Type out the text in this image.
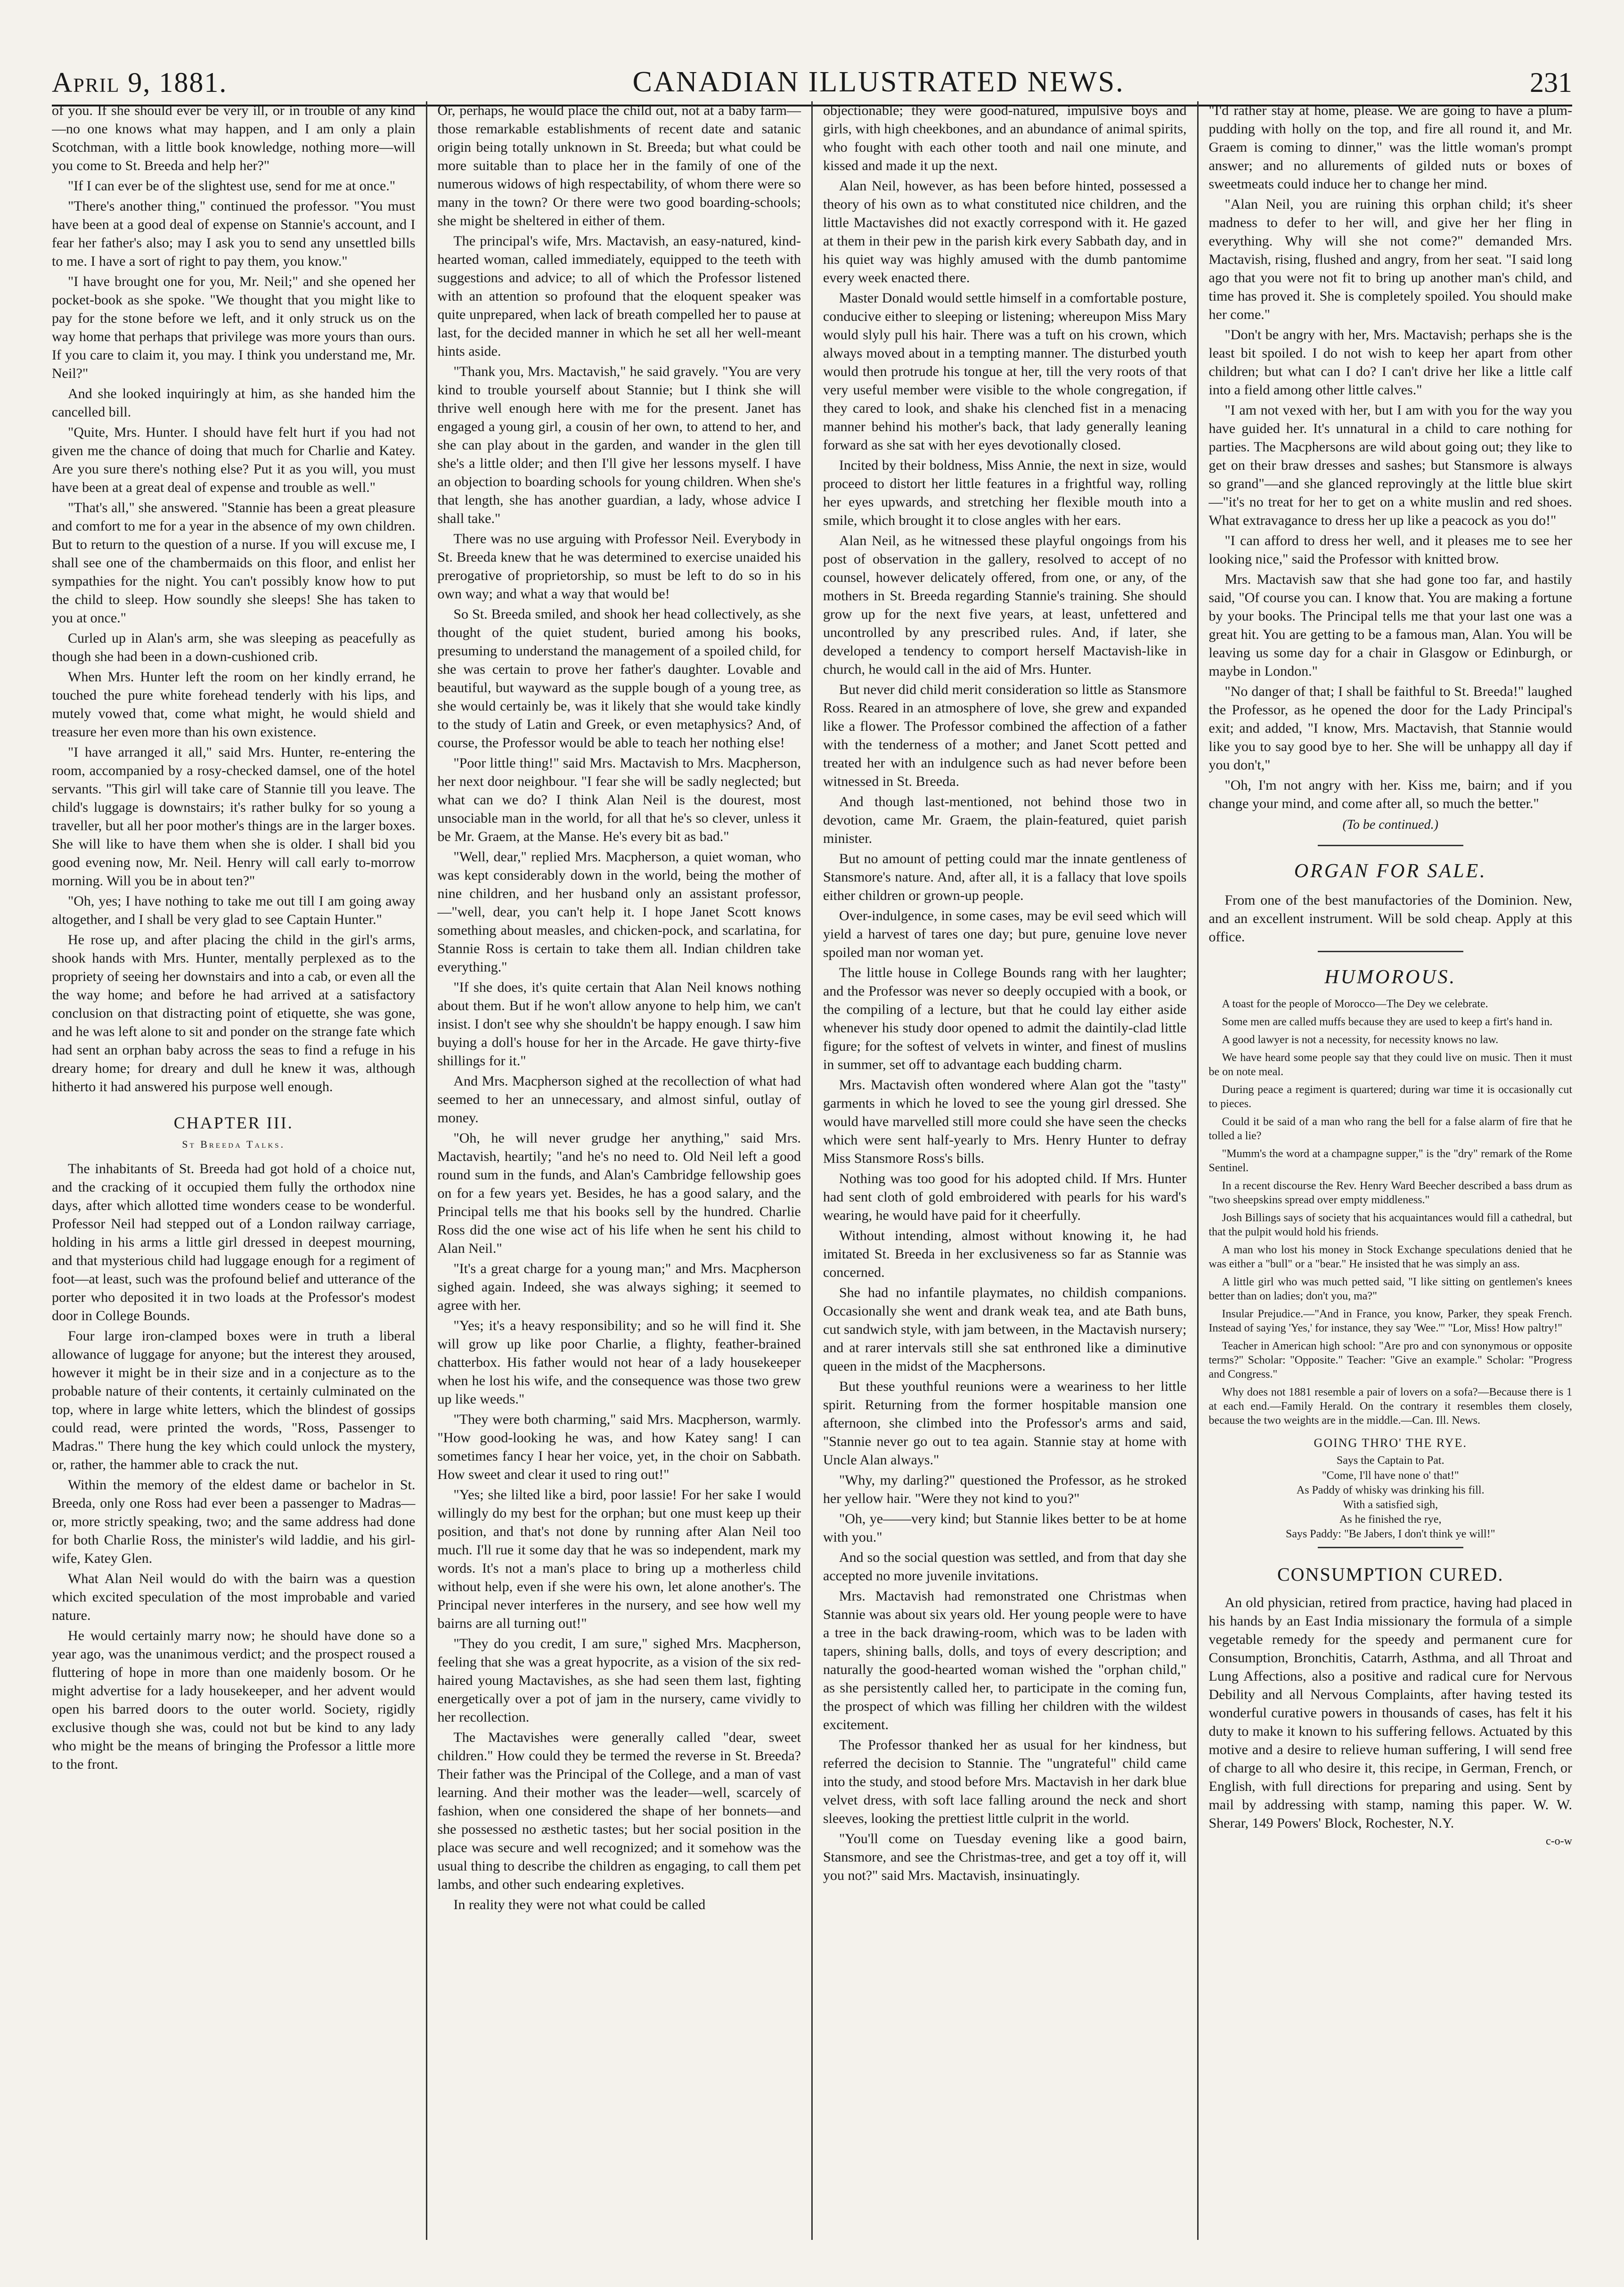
April 9, 1881.	CANADIAN ILLUSTRATED NEWS.	231

of you. If she should ever be very ill, or in trouble of any kind—no one knows what may happen, and I am only a plain Scotchman, with a little book knowledge, nothing more—will you come to St. Breeda and help her?"

"If I can ever be of the slightest use, send for me at once."

"There's another thing," continued the professor. "You must have been at a good deal of expense on Stannie's account, and I fear her father's also; may I ask you to send any unsettled bills to me. I have a sort of right to pay them, you know."

"I have brought one for you, Mr. Neil;" and she opened her pocket-book as she spoke. "We thought that you might like to pay for the stone before we left, and it only struck us on the way home that perhaps that privilege was more yours than ours. If you care to claim it, you may. I think you understand me, Mr. Neil?"

And she looked inquiringly at him, as she handed him the cancelled bill.

"Quite, Mrs. Hunter. I should have felt hurt if you had not given me the chance of doing that much for Charlie and Katey. Are you sure there's nothing else? Put it as you will, you must have been at a great deal of expense and trouble as well."

"That's all," she answered. "Stannie has been a great pleasure and comfort to me for a year in the absence of my own children. But to return to the question of a nurse. If you will excuse me, I shall see one of the chambermaids on this floor, and enlist her sympathies for the night. You can't possibly know how to put the child to sleep. How soundly she sleeps! She has taken to you at once."

Curled up in Alan's arm, she was sleeping as peacefully as though she had been in a down-cushioned crib.

When Mrs. Hunter left the room on her kindly errand, he touched the pure white forehead tenderly with his lips, and mutely vowed that, come what might, he would shield and treasure her even more than his own existence.

"I have arranged it all," said Mrs. Hunter, re-entering the room, accompanied by a rosy-checked damsel, one of the hotel servants. "This girl will take care of Stannie till you leave. The child's luggage is downstairs; it's rather bulky for so young a traveller, but all her poor mother's things are in the larger boxes. She will like to have them when she is older. I shall bid you good evening now, Mr. Neil. Henry will call early to-morrow morning. Will you be in about ten?"

"Oh, yes; I have nothing to take me out till I am going away altogether, and I shall be very glad to see Captain Hunter."

He rose up, and after placing the child in the girl's arms, shook hands with Mrs. Hunter, mentally perplexed as to the propriety of seeing her downstairs and into a cab, or even all the the way home; and before he had arrived at a satisfactory conclusion on that distracting point of etiquette, she was gone, and he was left alone to sit and ponder on the strange fate which had sent an orphan baby across the seas to find a refuge in his dreary home; for dreary and dull he knew it was, although hitherto it had answered his purpose well enough.

CHAPTER III.
St Breeda Talks.

The inhabitants of St. Breeda had got hold of a choice nut, and the cracking of it occupied them fully the orthodox nine days, after which allotted time wonders cease to be wonderful. Professor Neil had stepped out of a London railway carriage, holding in his arms a little girl dressed in deepest mourning, and that mysterious child had luggage enough for a regiment of foot—at least, such was the profound belief and utterance of the porter who deposited it in two loads at the Professor's modest door in College Bounds.

Four large iron-clamped boxes were in truth a liberal allowance of luggage for anyone; but the interest they aroused, however it might be in their size and in a conjecture as to the probable nature of their contents, it certainly culminated on the top, where in large white letters, which the blindest of gossips could read, were printed the words, "Ross, Passenger to Madras." There hung the key which could unlock the mystery, or, rather, the hammer able to crack the nut.

Within the memory of the eldest dame or bachelor in St. Breeda, only one Ross had ever been a passenger to Madras—or, more strictly speaking, two; and the same address had done for both Charlie Ross, the minister's wild laddie, and his girl-wife, Katey Glen.

What Alan Neil would do with the bairn was a question which excited speculation of the most improbable and varied nature.

He would certainly marry now; he should have done so a year ago, was the unanimous verdict; and the prospect roused a fluttering of hope in more than one maidenly bosom. Or he might advertise for a lady housekeeper, and her advent would open his barred doors to the outer world. Society, rigidly exclusive though she was, could not but be kind to any lady who might be the means of bringing the Professor a little more to the front.

Or, perhaps, he would place the child out, not at a baby farm—those remarkable establishments of recent date and satanic origin being totally unknown in St. Breeda; but what could be more suitable than to place her in the family of one of the numerous widows of high respectability, of whom there were so many in the town? Or there were two good boarding-schools; she might be sheltered in either of them.

The principal's wife, Mrs. Mactavish, an easy-natured, kind-hearted woman, called immediately, equipped to the teeth with suggestions and advice; to all of which the Professor listened with an attention so profound that the eloquent speaker was quite unprepared, when lack of breath compelled her to pause at last, for the decided manner in which he set all her well-meant hints aside.

"Thank you, Mrs. Mactavish," he said gravely. "You are very kind to trouble yourself about Stannie; but I think she will thrive well enough here with me for the present. Janet has engaged a young girl, a cousin of her own, to attend to her, and she can play about in the garden, and wander in the glen till she's a little older; and then I'll give her lessons myself. I have an objection to boarding schools for young children. When she's that length, she has another guardian, a lady, whose advice I shall take."

There was no use arguing with Professor Neil. Everybody in St. Breeda knew that he was determined to exercise unaided his prerogative of proprietorship, so must be left to do so in his own way; and what a way that would be!

So St. Breeda smiled, and shook her head collectively, as she thought of the quiet student, buried among his books, presuming to understand the management of a spoiled child, for she was certain to prove her father's daughter. Lovable and beautiful, but wayward as the supple bough of a young tree, as she would certainly be, was it likely that she would take kindly to the study of Latin and Greek, or even metaphysics? And, of course, the Professor would be able to teach her nothing else!

"Poor little thing!" said Mrs. Mactavish to Mrs. Macpherson, her next door neighbour. "I fear she will be sadly neglected; but what can we do? I think Alan Neil is the dourest, most unsociable man in the world, for all that he's so clever, unless it be Mr. Graem, at the Manse. He's every bit as bad."

"Well, dear," replied Mrs. Macpherson, a quiet woman, who was kept considerably down in the world, being the mother of nine children, and her husband only an assistant professor,—"well, dear, you can't help it. I hope Janet Scott knows something about measles, and chicken-pock, and scarlatina, for Stannie Ross is certain to take them all. Indian children take everything."

"If she does, it's quite certain that Alan Neil knows nothing about them. But if he won't allow anyone to help him, we can't insist. I don't see why she shouldn't be happy enough. I saw him buying a doll's house for her in the Arcade. He gave thirty-five shillings for it."

And Mrs. Macpherson sighed at the recollection of what had seemed to her an unnecessary, and almost sinful, outlay of money.

"Oh, he will never grudge her anything," said Mrs. Mactavish, heartily; "and he's no need to. Old Neil left a good round sum in the funds, and Alan's Cambridge fellowship goes on for a few years yet. Besides, he has a good salary, and the Principal tells me that his books sell by the hundred. Charlie Ross did the one wise act of his life when he sent his child to Alan Neil."

"It's a great charge for a young man;" and Mrs. Macpherson sighed again. Indeed, she was always sighing; it seemed to agree with her.

"Yes; it's a heavy responsibility; and so he will find it. She will grow up like poor Charlie, a flighty, feather-brained chatterbox. His father would not hear of a lady housekeeper when he lost his wife, and the consequence was those two grew up like weeds."

"They were both charming," said Mrs. Macpherson, warmly. "How good-looking he was, and how Katey sang! I can sometimes fancy I hear her voice, yet, in the choir on Sabbath. How sweet and clear it used to ring out!"

"Yes; she lilted like a bird, poor lassie! For her sake I would willingly do my best for the orphan; but one must keep up their position, and that's not done by running after Alan Neil too much. I'll rue it some day that he was so independent, mark my words. It's not a man's place to bring up a motherless child without help, even if she were his own, let alone another's. The Principal never interferes in the nursery, and see how well my bairns are all turning out!"

"They do you credit, I am sure," sighed Mrs. Macpherson, feeling that she was a great hypocrite, as a vision of the six red-haired young Mactavishes, as she had seen them last, fighting energetically over a pot of jam in the nursery, came vividly to her recollection.

The Mactavishes were generally called "dear, sweet children." How could they be termed the reverse in St. Breeda? Their father was the Principal of the College, and a man of vast learning. And their mother was the leader—well, scarcely of fashion, when one considered the shape of her bonnets—and she possessed no æsthetic tastes; but her social position in the place was secure and well recognized; and it somehow was the usual thing to describe the children as engaging, to call them pet lambs, and other such endearing expletives.

In reality they were not what could be called

objectionable; they were good-natured, impulsive boys and girls, with high cheekbones, and an abundance of animal spirits, who fought with each other tooth and nail one minute, and kissed and made it up the next.

Alan Neil, however, as has been before hinted, possessed a theory of his own as to what constituted nice children, and the little Mactavishes did not exactly correspond with it. He gazed at them in their pew in the parish kirk every Sabbath day, and in his quiet way was highly amused with the dumb pantomime every week enacted there.

Master Donald would settle himself in a comfortable posture, conducive either to sleeping or listening; whereupon Miss Mary would slyly pull his hair. There was a tuft on his crown, which always moved about in a tempting manner. The disturbed youth would then protrude his tongue at her, till the very roots of that very useful member were visible to the whole congregation, if they cared to look, and shake his clenched fist in a menacing manner behind his mother's back, that lady generally leaning forward as she sat with her eyes devotionally closed.

Incited by their boldness, Miss Annie, the next in size, would proceed to distort her little features in a frightful way, rolling her eyes upwards, and stretching her flexible mouth into a smile, which brought it to close angles with her ears.

Alan Neil, as he witnessed these playful ongoings from his post of observation in the gallery, resolved to accept of no counsel, however delicately offered, from one, or any, of the mothers in St. Breeda regarding Stannie's training. She should grow up for the next five years, at least, unfettered and uncontrolled by any prescribed rules. And, if later, she developed a tendency to comport herself Mactavish-like in church, he would call in the aid of Mrs. Hunter.

But never did child merit consideration so little as Stansmore Ross. Reared in an atmosphere of love, she grew and expanded like a flower. The Professor combined the affection of a father with the tenderness of a mother; and Janet Scott petted and treated her with an indulgence such as had never before been witnessed in St. Breeda.

And though last-mentioned, not behind those two in devotion, came Mr. Graem, the plain-featured, quiet parish minister.

But no amount of petting could mar the innate gentleness of Stansmore's nature. And, after all, it is a fallacy that love spoils either children or grown-up people.

Over-indulgence, in some cases, may be evil seed which will yield a harvest of tares one day; but pure, genuine love never spoiled man nor woman yet.

The little house in College Bounds rang with her laughter; and the Professor was never so deeply occupied with a book, or the compiling of a lecture, but that he could lay either aside whenever his study door opened to admit the daintily-clad little figure; for the softest of velvets in winter, and finest of muslins in summer, set off to advantage each budding charm.

Mrs. Mactavish often wondered where Alan got the "tasty" garments in which he loved to see the young girl dressed. She would have marvelled still more could she have seen the checks which were sent half-yearly to Mrs. Henry Hunter to defray Miss Stansmore Ross's bills.

Nothing was too good for his adopted child. If Mrs. Hunter had sent cloth of gold embroidered with pearls for his ward's wearing, he would have paid for it cheerfully.

Without intending, almost without knowing it, he had imitated St. Breeda in her exclusiveness so far as Stannie was concerned.

She had no infantile playmates, no childish companions. Occasionally she went and drank weak tea, and ate Bath buns, cut sandwich style, with jam between, in the Mactavish nursery; and at rarer intervals still she sat enthroned like a diminutive queen in the midst of the Macphersons.

But these youthful reunions were a weariness to her little spirit. Returning from the former hospitable mansion one afternoon, she climbed into the Professor's arms and said, "Stannie never go out to tea again. Stannie stay at home with Uncle Alan always."

"Why, my darling?" questioned the Professor, as he stroked her yellow hair. "Were they not kind to you?"

"Oh, ye——very kind; but Stannie likes better to be at home with you."

And so the social question was settled, and from that day she accepted no more juvenile invitations.

Mrs. Mactavish had remonstrated one Christmas when Stannie was about six years old. Her young people were to have a tree in the back drawing-room, which was to be laden with tapers, shining balls, dolls, and toys of every description; and naturally the good-hearted woman wished the "orphan child," as she persistently called her, to participate in the coming fun, the prospect of which was filling her children with the wildest excitement.

The Professor thanked her as usual for her kindness, but referred the decision to Stannie. The "ungrateful" child came into the study, and stood before Mrs. Mactavish in her dark blue velvet dress, with soft lace falling around the neck and short sleeves, looking the prettiest little culprit in the world.

"You'll come on Tuesday evening like a good bairn, Stansmore, and see the Christmas-tree, and get a toy off it, will you not?" said Mrs. Mactavish, insinuatingly.

"I'd rather stay at home, please. We are going to have a plum-pudding with holly on the top, and fire all round it, and Mr. Graem is coming to dinner," was the little woman's prompt answer; and no allurements of gilded nuts or boxes of sweetmeats could induce her to change her mind.

"Alan Neil, you are ruining this orphan child; it's sheer madness to defer to her will, and give her her fling in everything. Why will she not come?" demanded Mrs. Mactavish, rising, flushed and angry, from her seat. "I said long ago that you were not fit to bring up another man's child, and time has proved it. She is completely spoiled. You should make her come."

"Don't be angry with her, Mrs. Mactavish; perhaps she is the least bit spoiled. I do not wish to keep her apart from other children; but what can I do? I can't drive her like a little calf into a field among other little calves."

"I am not vexed with her, but I am with you for the way you have guided her. It's unnatural in a child to care nothing for parties. The Macphersons are wild about going out; they like to get on their braw dresses and sashes; but Stansmore is always so grand"—and she glanced reprovingly at the little blue skirt—"it's no treat for her to get on a white muslin and red shoes. What extravagance to dress her up like a peacock as you do!"

"I can afford to dress her well, and it pleases me to see her looking nice," said the Professor with knitted brow.

Mrs. Mactavish saw that she had gone too far, and hastily said, "Of course you can. I know that. You are making a fortune by your books. The Principal tells me that your last one was a great hit. You are getting to be a famous man, Alan. You will be leaving us some day for a chair in Glasgow or Edinburgh, or maybe in London."

"No danger of that; I shall be faithful to St. Breeda!" laughed the Professor, as he opened the door for the Lady Principal's exit; and added, "I know, Mrs. Mactavish, that Stannie would like you to say good bye to her. She will be unhappy all day if you don't,"

"Oh, I'm not angry with her. Kiss me, bairn; and if you change your mind, and come after all, so much the better."

(To be continued.)
ORGAN FOR SALE.

From one of the best manufactories of the Dominion. New, and an excellent instrument. Will be sold cheap. Apply at this office.

HUMOROUS.

A toast for the people of Morocco—The Dey we celebrate.

Some men are called muffs because they are used to keep a firt's hand in.

A good lawyer is not a necessity, for necessity knows no law.

We have heard some people say that they could live on music. Then it must be on note meal.

During peace a regiment is quartered; during war time it is occasionally cut to pieces.

Could it be said of a man who rang the bell for a false alarm of fire that he tolled a lie?

"Mumm's the word at a champagne supper," is the "dry" remark of the Rome Sentinel.

In a recent discourse the Rev. Henry Ward Beecher described a bass drum as "two sheepskins spread over empty middleness."

Josh Billings says of society that his acquaintances would fill a cathedral, but that the pulpit would hold his friends.

A man who lost his money in Stock Exchange speculations denied that he was either a "bull" or a "bear." He insisted that he was simply an ass.

A little girl who was much petted said, "I like sitting on gentlemen's knees better than on ladies; don't you, ma?"

Insular Prejudice.—"And in France, you know, Parker, they speak French. Instead of saying 'Yes,' for instance, they say 'Wee.'" "Lor, Miss! How paltry!"

Teacher in American high school: "Are pro and con synonymous or opposite terms?" Scholar: "Opposite." Teacher: "Give an example." Scholar: "Progress and Congress."

Why does not 1881 resemble a pair of lovers on a sofa?—Because there is 1 at each end.—Family Herald. On the contrary it resembles them closely, because the two weights are in the middle.—Can. Ill. News.

GOING THRO' THE RYE.
Says the Captain to Pat.
"Come, I'll have none o' that!"
As Paddy of whisky was drinking his fill.
With a satisfied sigh,
As he finished the rye,
Says Paddy: "Be Jabers, I don't think ye will!"
CONSUMPTION CURED.

An old physician, retired from practice, having had placed in his hands by an East India missionary the formula of a simple vegetable remedy for the speedy and permanent cure for Consumption, Bronchitis, Catarrh, Asthma, and all Throat and Lung Affections, also a positive and radical cure for Nervous Debility and all Nervous Complaints, after having tested its wonderful curative powers in thousands of cases, has felt it his duty to make it known to his suffering fellows. Actuated by this motive and a desire to relieve human suffering, I will send free of charge to all who desire it, this recipe, in German, French, or English, with full directions for preparing and using. Sent by mail by addressing with stamp, naming this paper. W. W. Sherar, 149 Powers' Block, Rochester, N.Y.

c-o-w
